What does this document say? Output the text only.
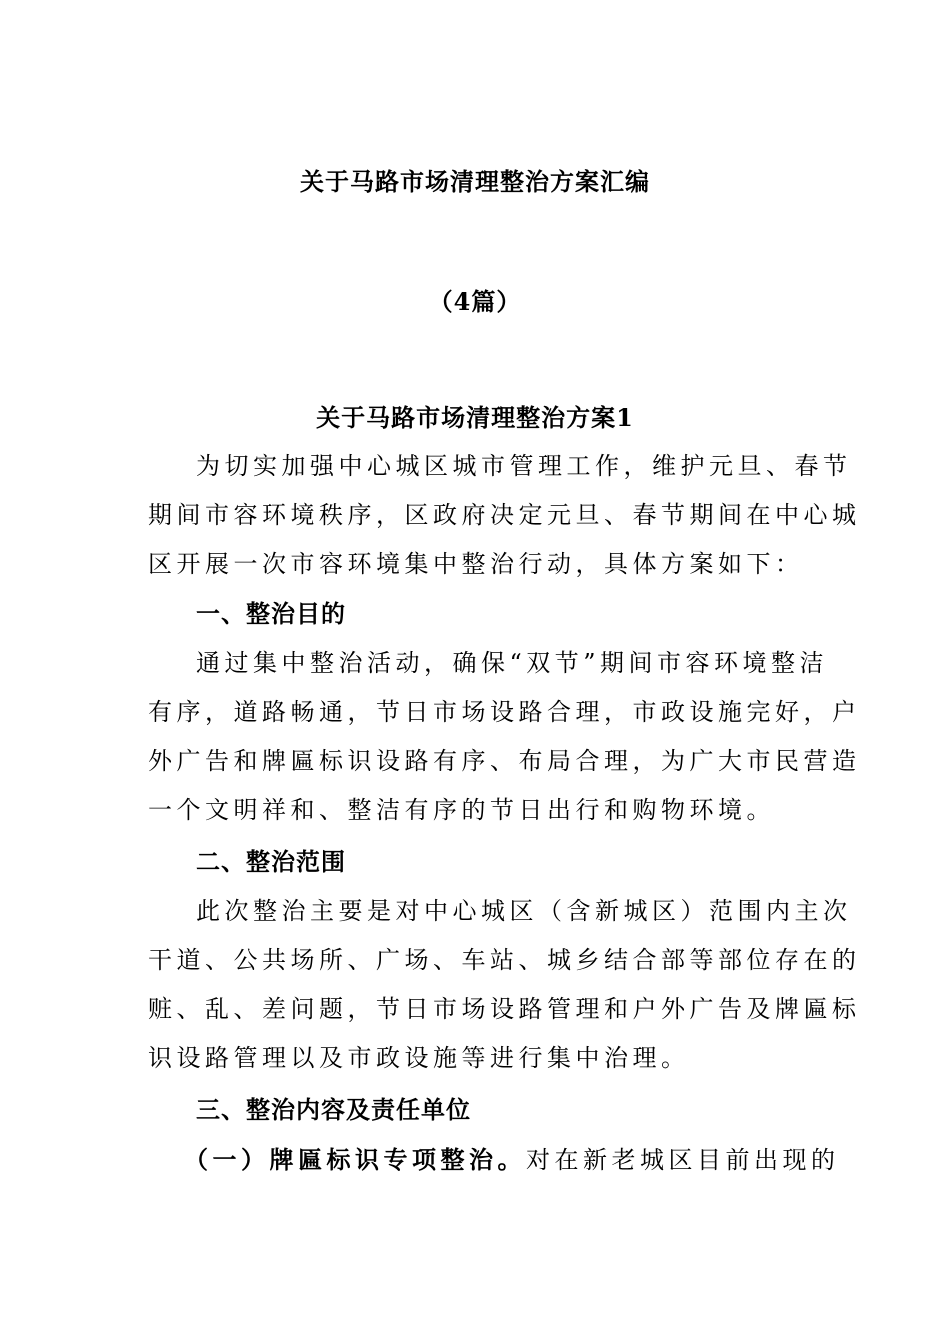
关于马路市场清理整治方案汇编
（4篇）
关于马路市场清理整治方案1
为切实加强中心城区城市管理工作，维护元旦、春节
期间市容环境秩序，区政府决定元旦、春节期间在中心城
区开展一次市容环境集中整治行动，具体方案如下：
一、整治目的
通过集中整治活动，确保“双节”期间市容环境整洁
有序，道路畅通，节日市场设路合理，市政设施完好，户
外广告和牌匾标识设路有序、布局合理，为广大市民营造
一个文明祥和、整洁有序的节日出行和购物环境。
二、整治范围
此次整治主要是对中心城区（含新城区）范围内主次
干道、公共场所、广场、车站、城乡结合部等部位存在的
赃、乱、差问题，节日市场设路管理和户外广告及牌匾标
识设路管理以及市政设施等进行集中治理。
三、整治内容及责任单位
（一）牌匾标识专项整治。对在新老城区目前出现的
